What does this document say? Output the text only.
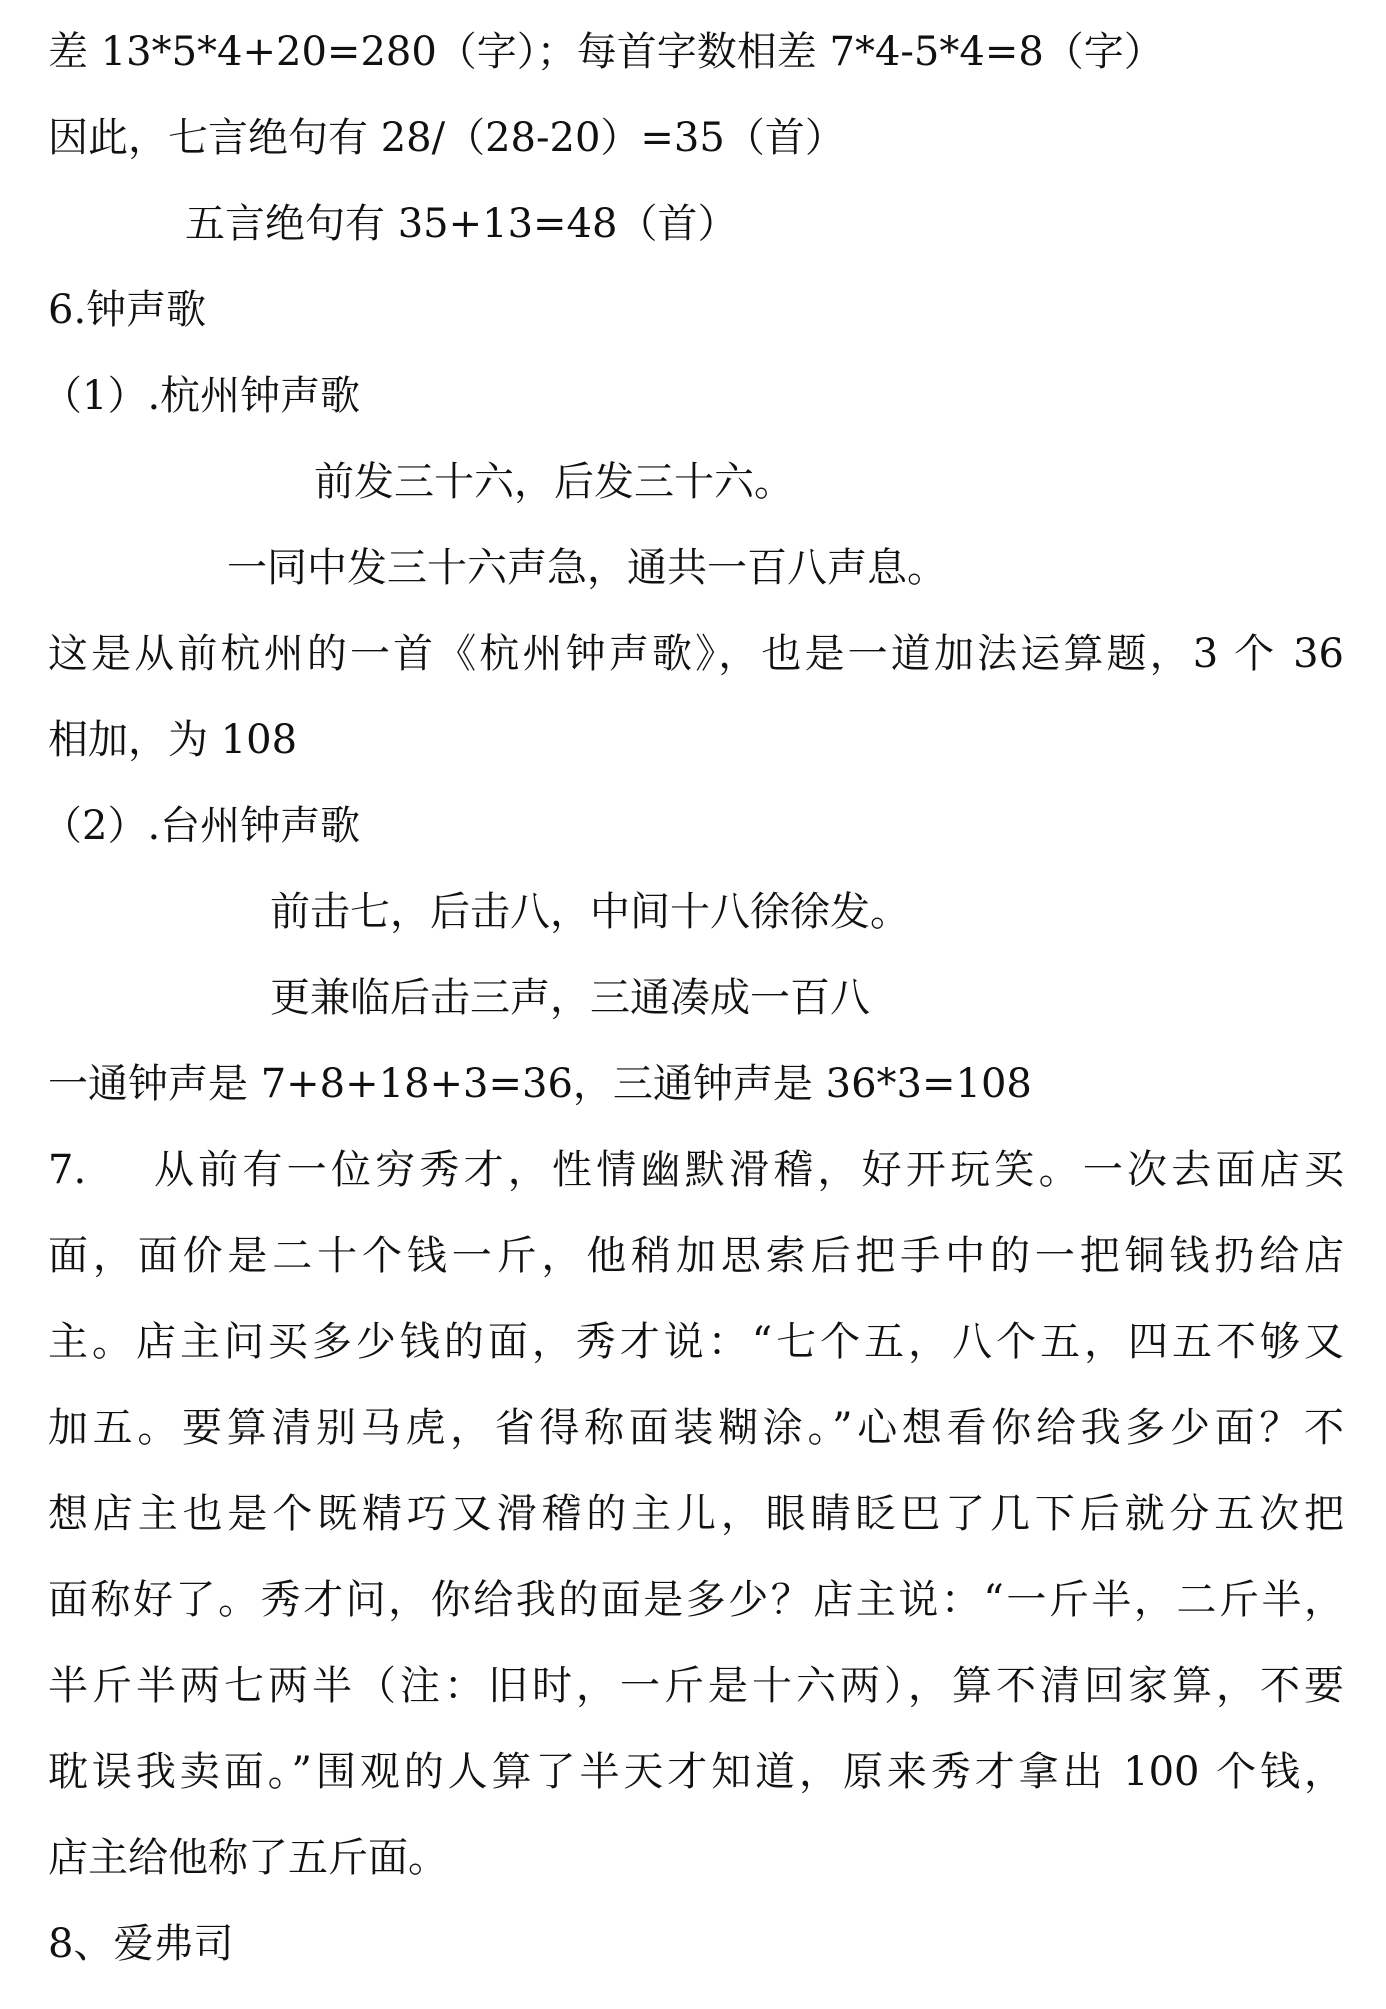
差 13*5*4+20=280（字）；每首字数相差 7*4-5*4=8（字）
因此，七言绝句有 28/（28-20）=35（首）
五言绝句有 35+13=48（首）
6.钟声歌
（1）.杭州钟声歌
前发三十六，后发三十六。
一同中发三十六声急，通共一百八声息。
这是从前杭州的一首《杭州钟声歌》，也是一道加法运算题，3 个 36
相加，为 108
（2）.台州钟声歌
前击七，后击八，中间十八徐徐发。
更兼临后击三声，三通凑成一百八
一通钟声是 7+8+18+3=36，三通钟声是 36*3=108
7.    从前有一位穷秀才，性情幽默滑稽，好开玩笑。一次去面店买
面，面价是二十个钱一斤，他稍加思索后把手中的一把铜钱扔给店
主。店主问买多少钱的面，秀才说：“七个五，八个五，四五不够又
加五。要算清别马虎，省得称面装糊涂。”心想看你给我多少面？不
想店主也是个既精巧又滑稽的主儿，眼睛眨巴了几下后就分五次把
面称好了。秀才问，你给我的面是多少？店主说：“一斤半，二斤半，
半斤半两七两半（注：旧时，一斤是十六两），算不清回家算，不要
耽误我卖面。”围观的人算了半天才知道，原来秀才拿出 100 个钱，
店主给他称了五斤面。
8、爱弗司
